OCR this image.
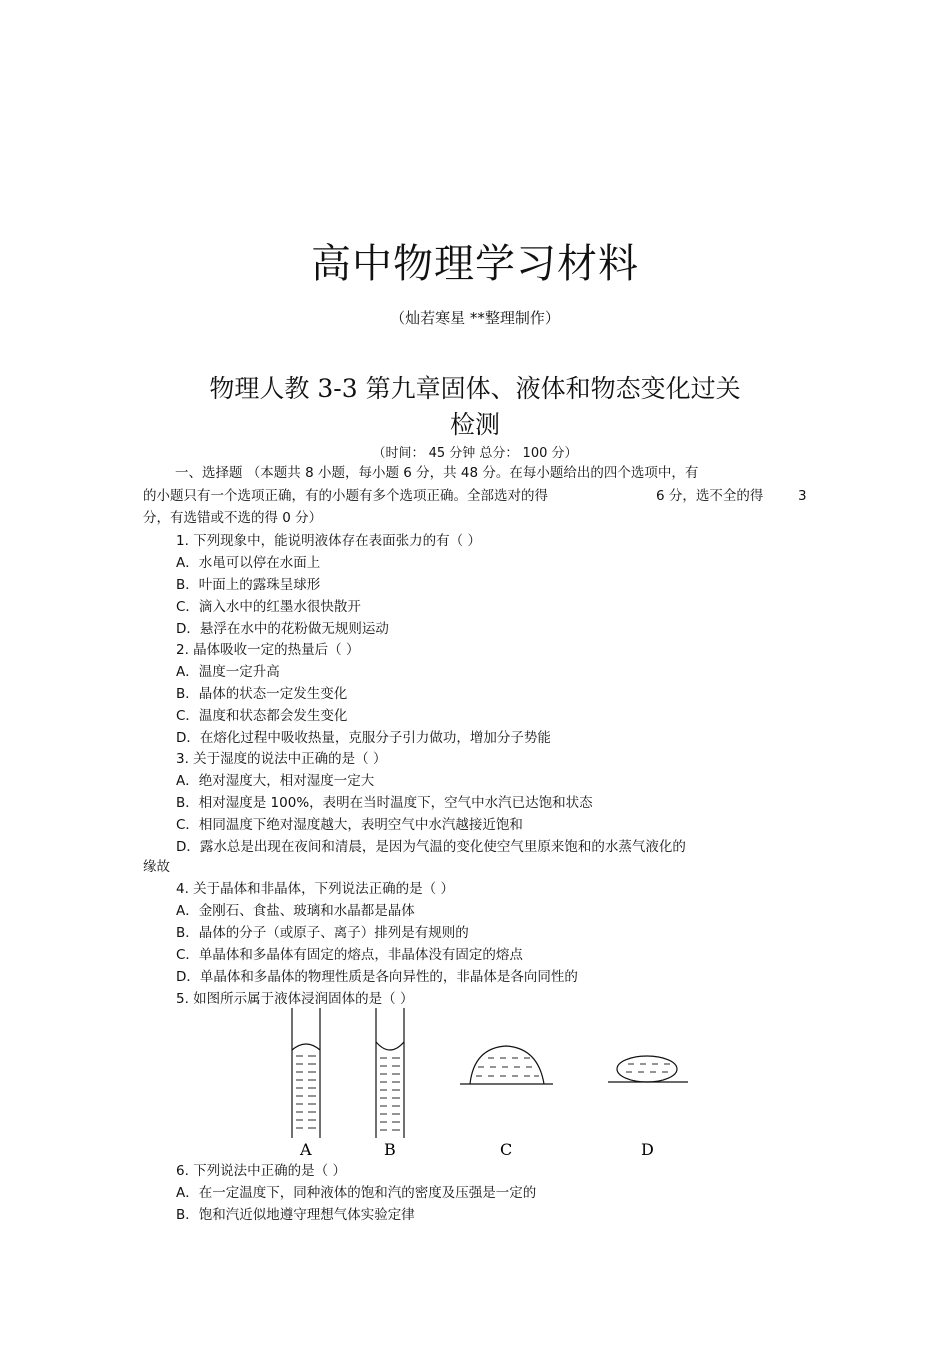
高中物理学习材料
（灿若寒星 **整理制作）
物理人教 3-3 第九章固体、液体和物态变化过关
检测
（时间： 45 分钟 总分： 100 分）
一、选择题 （本题共 8 小题，每小题 6 分，共 48 分。在每小题给出的四个选项中，有
的小题只有一个选项正确，有的小题有多个选项正确。全部选对的得	6 分，选不全的得	3
分，有选错或不选的得 0 分）
1. 下列现象中，能说明液体存在表面张力的有（ ）
A．水黾可以停在水面上
B．叶面上的露珠呈球形
C．滴入水中的红墨水很快散开
D．悬浮在水中的花粉做无规则运动
2. 晶体吸收一定的热量后（ ）
A．温度一定升高
B．晶体的状态一定发生变化
C．温度和状态都会发生变化
D．在熔化过程中吸收热量，克服分子引力做功，增加分子势能
3. 关于湿度的说法中正确的是（ ）
A．绝对湿度大，相对湿度一定大
B．相对湿度是 100%，表明在当时温度下，空气中水汽已达饱和状态
C．相同温度下绝对湿度越大，表明空气中水汽越接近饱和
D．露水总是出现在夜间和清晨，是因为气温的变化使空气里原来饱和的水蒸气液化的
缘故
4. 关于晶体和非晶体，下列说法正确的是（ ）
A．金刚石、食盐、玻璃和水晶都是晶体
B．晶体的分子（或原子、离子）排列是有规则的
C．单晶体和多晶体有固定的熔点，非晶体没有固定的熔点
D．单晶体和多晶体的物理性质是各向异性的，非晶体是各向同性的
5. 如图所示属于液体浸润固体的是（ ）
A	B	C	D
6. 下列说法中正确的是（ ）
A．在一定温度下，同种液体的饱和汽的密度及压强是一定的
B．饱和汽近似地遵守理想气体实验定律
